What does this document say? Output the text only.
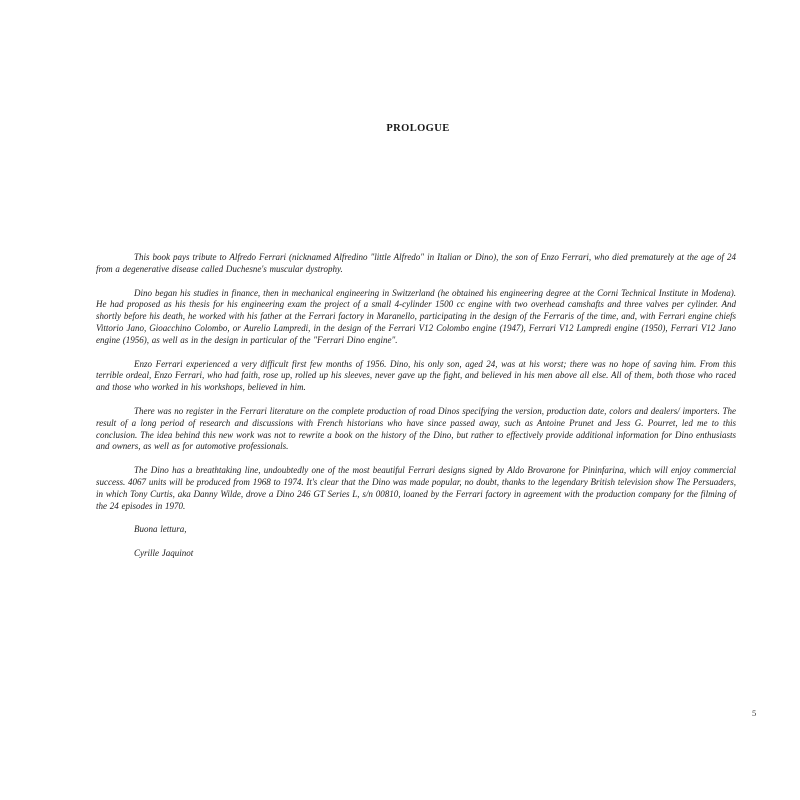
PROLOGUE

This book pays tribute to Alfredo Ferrari (nicknamed Alfredino "little Alfredo" in Italian or Dino), the son of Enzo Ferrari, who died prematurely at the age of 24 from a degenerative disease called Duchesne's muscular dystrophy.

Dino began his studies in finance, then in mechanical engineering in Switzerland (he obtained his engineering degree at the Corni Technical Institute in Modena). He had proposed as his thesis for his engineering exam the project of a small 4-cylinder 1500 cc engine with two overhead camshafts and three valves per cylinder. And shortly before his death, he worked with his father at the Ferrari factory in Maranello, participating in the design of the Ferraris of the time, and, with Ferrari engine chiefs Vittorio Jano, Gioacchino Colombo, or Aurelio Lampredi, in the design of the Ferrari V12 Colombo engine (1947), Ferrari V12 Lampredi engine (1950), Ferrari V12 Jano engine (1956), as well as in the design in particular of the "Ferrari Dino engine".

Enzo Ferrari experienced a very difficult first few months of 1956. Dino, his only son, aged 24, was at his worst; there was no hope of saving him. From this terrible ordeal, Enzo Ferrari, who had faith, rose up, rolled up his sleeves, never gave up the fight, and believed in his men above all else. All of them, both those who raced and those who worked in his workshops, believed in him.

There was no register in the Ferrari literature on the complete production of road Dinos specifying the version, production date, colors and dealers/ importers. The result of a long period of research and discussions with French historians who have since passed away, such as Antoine Prunet and Jess G. Pourret, led me to this conclusion. The idea behind this new work was not to rewrite a book on the history of the Dino, but rather to effectively provide additional information for Dino enthusiasts and owners, as well as for automotive professionals.

The Dino has a breathtaking line, undoubtedly one of the most beautiful Ferrari designs signed by Aldo Brovarone for Pininfarina, which will enjoy commercial success. 4067 units will be produced from 1968 to 1974. It's clear that the Dino was made popular, no doubt, thanks to the legendary British television show The Persuaders, in which Tony Curtis, aka Danny Wilde, drove a Dino 246 GT Series L, s/n 00810, loaned by the Ferrari factory in agreement with the production company for the filming of the 24 episodes in 1970.

Buona lettura,

Cyrille Jaquinot

5
